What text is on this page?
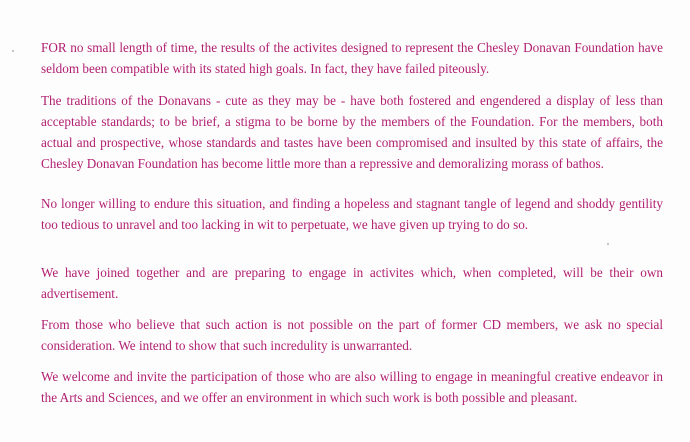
FOR no small length of time, the results of the activites designed to represent the Chesley Donavan Foundation have seldom been compatible with its stated high goals. In fact, they have failed piteously.

The traditions of the Donavans - cute as they may be - have both fostered and engendered a display of less than acceptable standards; to be brief, a stigma to be borne by the members of the Foundation. For the members, both actual and prospective, whose standards and tastes have been compromised and insulted by this state of affairs, the Chesley Donavan Foundation has become little more than a repressive and demoralizing morass of bathos.

No longer willing to endure this situation, and finding a hopeless and stagnant tangle of legend and shoddy gentility too tedious to unravel and too lacking in wit to perpetuate, we have given up trying to do so.

We have joined together and are preparing to engage in activites which, when completed, will be their own advertisement.

From those who believe that such action is not possible on the part of former CD members, we ask no special consideration. We intend to show that such incredulity is unwarranted.

We welcome and invite the participation of those who are also willing to engage in meaningful creative endeavor in the Arts and Sciences, and we offer an environment in which such work is both possible and pleasant.
